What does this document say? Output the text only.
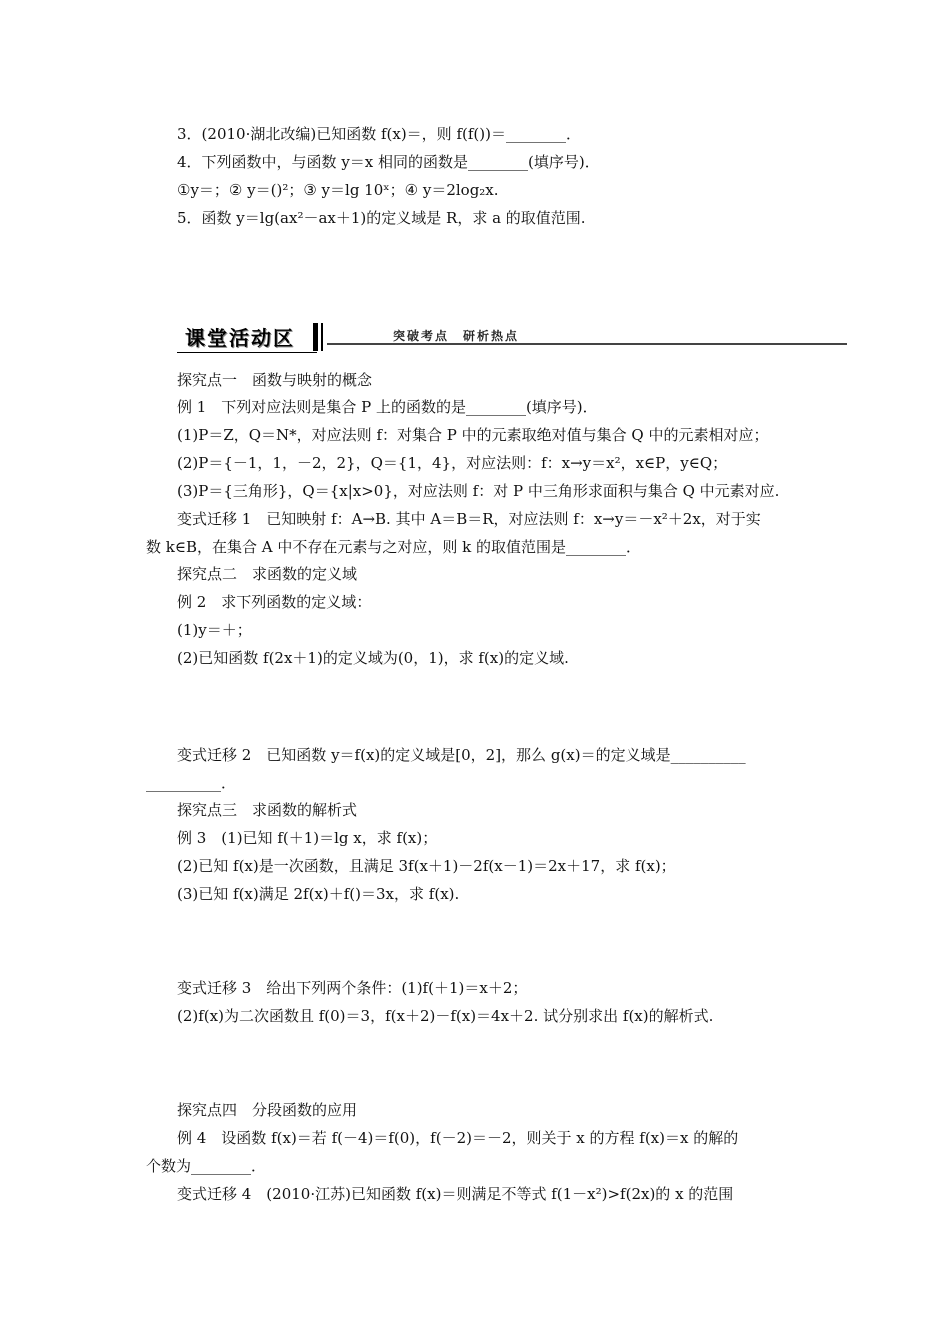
课堂活动区	突破考点　研析热点
3．(2010·湖北改编)已知函数 f(x)＝，则 f(f())＝________．
4．下列函数中，与函数 y＝x 相同的函数是________(填序号)．
①y＝；② y＝()²；③ y＝lg 10ˣ；④ y＝2log₂x.
5．函数 y＝lg(ax²－ax＋1)的定义域是 R，求 a 的取值范围.
探究点一　函数与映射的概念
例 1　下列对应法则是集合 P 上的函数的是________(填序号)．
(1)P＝Z，Q＝N*，对应法则 f：对集合 P 中的元素取绝对值与集合 Q 中的元素相对应；
(2)P＝{－1，1，－2，2}，Q＝{1，4}，对应法则：f：x→y＝x²，x∈P，y∈Q；
(3)P＝{三角形}，Q＝{x|x>0}，对应法则 f：对 P 中三角形求面积与集合 Q 中元素对应.
变式迁移 1　已知映射 f：A→B. 其中 A＝B＝R，对应法则 f：x→y＝－x²＋2x，对于实
数 k∈B，在集合 A 中不存在元素与之对应，则 k 的取值范围是________．
探究点二　求函数的定义域
例 2　求下列函数的定义域：
(1)y＝＋；
(2)已知函数 f(2x＋1)的定义域为(0，1)，求 f(x)的定义域.
变式迁移 2　已知函数 y＝f(x)的定义域是[0，2]，那么 g(x)＝的定义域是__________
__________．
探究点三　求函数的解析式
例 3　(1)已知 f(＋1)＝lg x，求 f(x)；
(2)已知 f(x)是一次函数，且满足 3f(x＋1)－2f(x－1)＝2x＋17，求 f(x)；
(3)已知 f(x)满足 2f(x)＋f()＝3x，求 f(x).
变式迁移 3　给出下列两个条件：(1)f(＋1)＝x＋2；
(2)f(x)为二次函数且 f(0)＝3，f(x＋2)－f(x)＝4x＋2. 试分别求出 f(x)的解析式.
探究点四　分段函数的应用
例 4　设函数 f(x)＝若 f(－4)＝f(0)，f(－2)＝－2，则关于 x 的方程 f(x)＝x 的解的
个数为________．
变式迁移 4　(2010·江苏)已知函数 f(x)＝则满足不等式 f(1－x²)>f(2x)的 x 的范围
